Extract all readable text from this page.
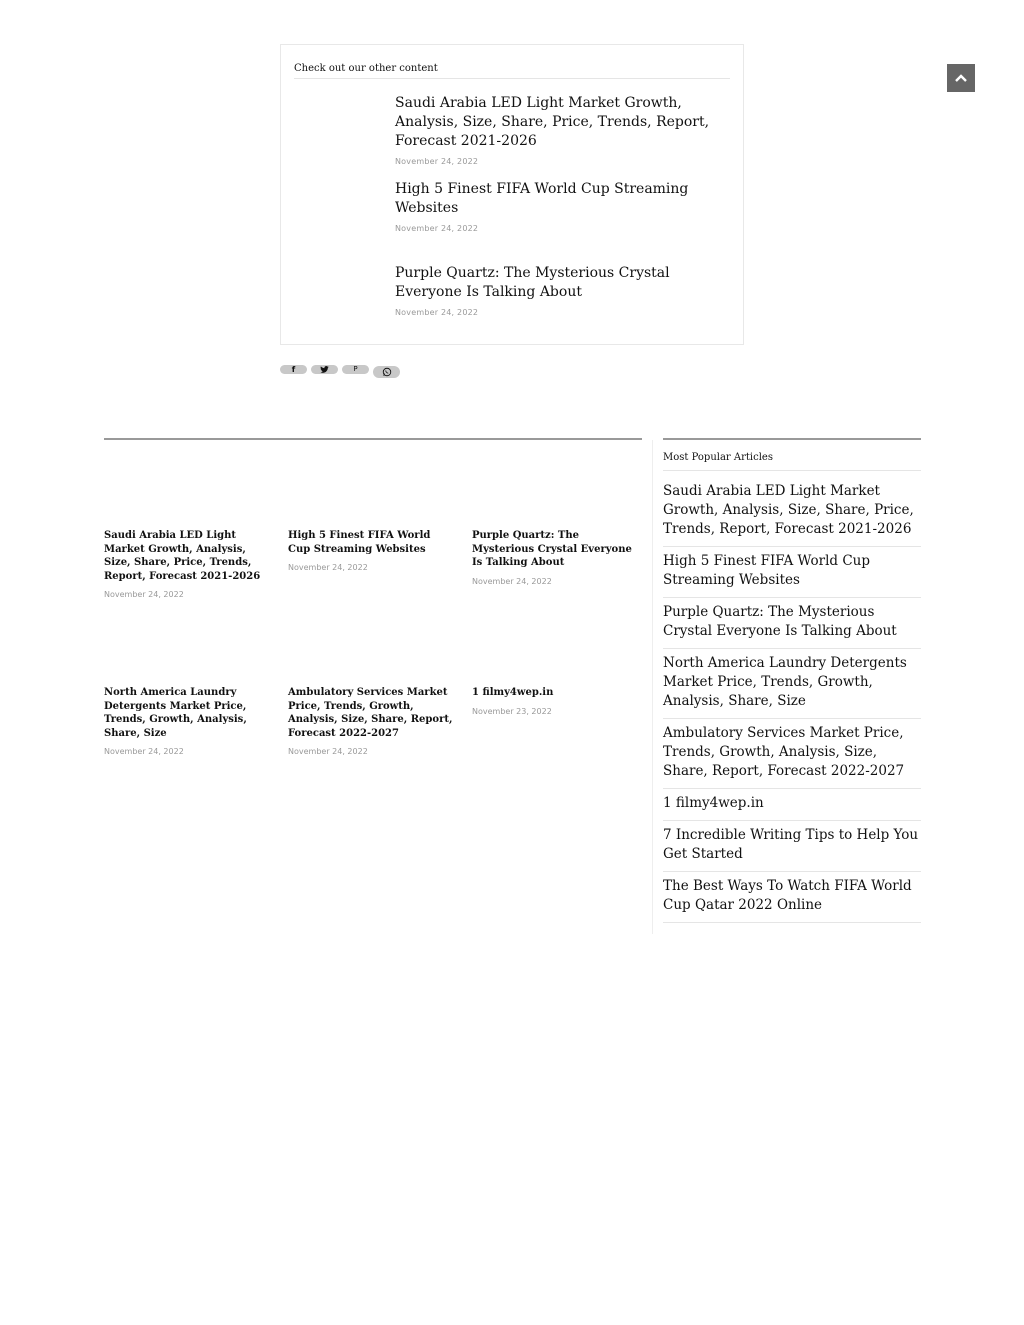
Check out our other content
Saudi Arabia LED Light Market Growth, Analysis, Size, Share, Price, Trends, Report, Forecast 2021-2026
November 24, 2022
High 5 Finest FIFA World Cup Streaming Websites
November 24, 2022
Purple Quartz: The Mysterious Crystal Everyone Is Talking About
November 24, 2022
f	P
Saudi Arabia LED Light Market Growth, Analysis, Size, Share, Price, Trends, Report, Forecast 2021-2026
November 24, 2022
High 5 Finest FIFA World Cup Streaming Websites
November 24, 2022
Purple Quartz: The Mysterious Crystal Everyone Is Talking About
November 24, 2022
North America Laundry Detergents Market Price, Trends, Growth, Analysis, Share, Size
November 24, 2022
Ambulatory Services Market Price, Trends, Growth, Analysis, Size, Share, Report, Forecast 2022-2027
November 24, 2022
1 filmy4wep.in
November 23, 2022
Most Popular Articles
Saudi Arabia LED Light Market Growth, Analysis, Size, Share, Price, Trends, Report, Forecast 2021-2026
High 5 Finest FIFA World Cup Streaming Websites
Purple Quartz: The Mysterious Crystal Everyone Is Talking About
North America Laundry Detergents Market Price, Trends, Growth, Analysis, Share, Size
Ambulatory Services Market Price, Trends, Growth, Analysis, Size, Share, Report, Forecast 2022-2027
1 filmy4wep.in
7 Incredible Writing Tips to Help You Get Started
The Best Ways To Watch FIFA World Cup Qatar 2022 Online
